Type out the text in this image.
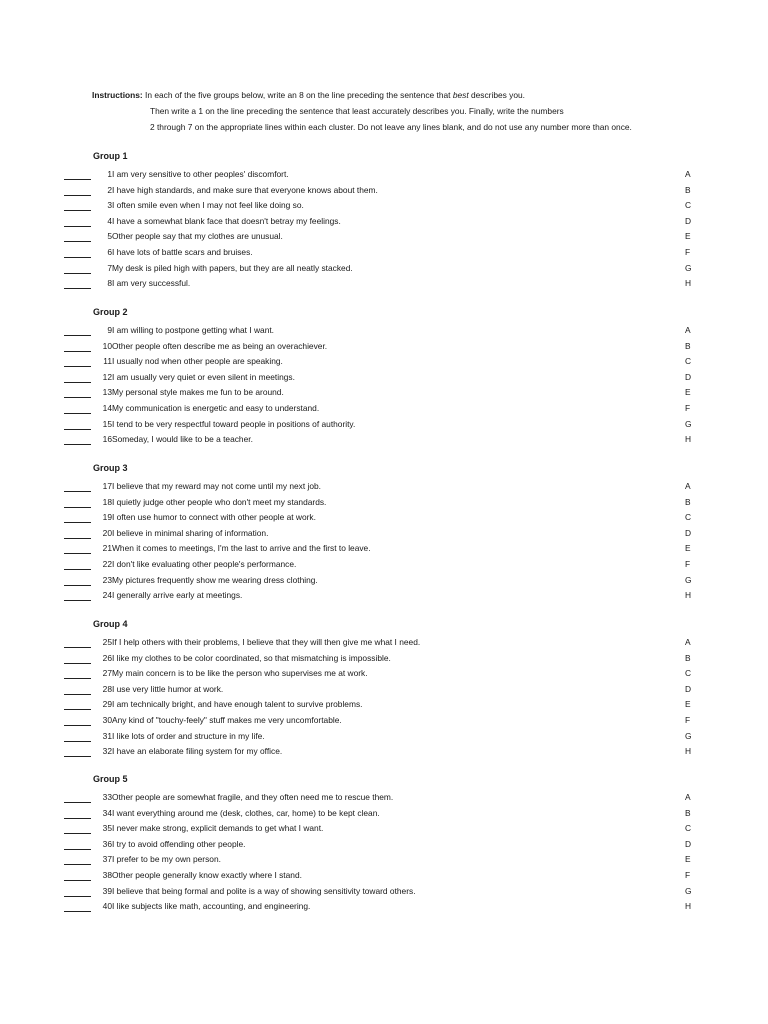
Instructions: In each of the five groups below, write an 8 on the line preceding the sentence that best describes you.
Then write a 1 on the line preceding the sentence that least accurately describes you. Finally, write the numbers
2 through 7 on the appropriate lines within each cluster. Do not leave any lines blank, and do not use any number more than once.
Group 1
1 I am very sensitive to other peoples' discomfort.	A
2 I have high standards, and make sure that everyone knows about them.	B
3 I often smile even when I may not feel like doing so.	C
4 I have a somewhat blank face that doesn't betray my feelings.	D
5 Other people say that my clothes are unusual.	E
6 I have lots of battle scars and bruises.	F
7 My desk is piled high with papers, but they are all neatly stacked.	G
8 I am very successful.	H
Group 2
9 I am willing to postpone getting what I want.	A
10 Other people often describe me as being an overachiever.	B
11 I usually nod when other people are speaking.	C
12 I am usually very quiet or even silent in meetings.	D
13 My personal style makes me fun to be around.	E
14 My communication is energetic and easy to understand.	F
15 I tend to be very respectful toward people in positions of authority.	G
16 Someday, I would like to be a teacher.	H
Group 3
17 I believe that my reward may not come until my next job.	A
18 I quietly judge other people who don't meet my standards.	B
19 I often use humor to connect with other people at work.	C
20 I believe in minimal sharing of information.	D
21 When it comes to meetings, I'm the last to arrive and the first to leave.	E
22 I don't like evaluating other people's performance.	F
23 My pictures frequently show me wearing dress clothing.	G
24 I generally arrive early at meetings.	H
Group 4
25 If I help others with their problems, I believe that they will then give me what I need.	A
26 I like my clothes to be color coordinated, so that mismatching is impossible.	B
27 My main concern is to be like the person who supervises me at work.	C
28 I use very little humor at work.	D
29 I am technically bright, and have enough talent to survive problems.	E
30 Any kind of "touchy-feely" stuff makes me very uncomfortable.	F
31 I like lots of order and structure in my life.	G
32 I have an elaborate filing system for my office.	H
Group 5
33 Other people are somewhat fragile, and they often need me to rescue them.	A
34 I want everything around me (desk, clothes, car, home) to be kept clean.	B
35 I never make strong, explicit demands to get what I want.	C
36 I try to avoid offending other people.	D
37 I prefer to be my own person.	E
38 Other people generally know exactly where I stand.	F
39 I believe that being formal and polite is a way of showing sensitivity toward others.	G
40 I like subjects like math, accounting, and engineering.	H
